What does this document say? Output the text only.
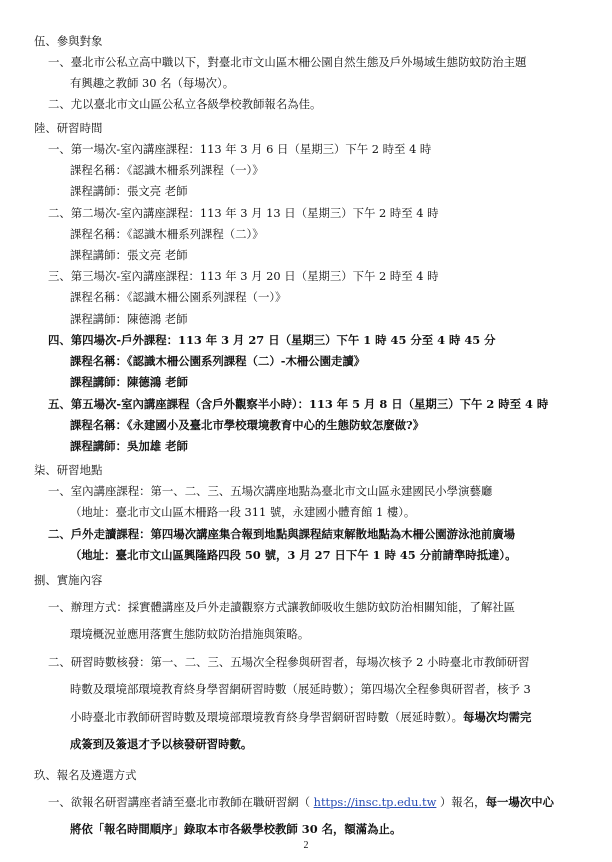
伍、參與對象
一、臺北市公私立高中職以下，對臺北市文山區木柵公園自然生態及戶外場域生態防蚊防治主題
有興趣之教師 30 名（每場次）。
二、尤以臺北市文山區公私立各級學校教師報名為佳。
陸、研習時間
一、第一場次-室內講座課程：113 年 3 月 6 日（星期三）下午 2 時至 4 時
課程名稱：《認識木柵系列課程（一）》
課程講師：張文亮 老師
二、第二場次-室內講座課程：113 年 3 月 13 日（星期三）下午 2 時至 4 時
課程名稱：《認識木柵系列課程（二）》
課程講師：張文亮 老師
三、第三場次-室內講座課程：113 年 3 月 20 日（星期三）下午 2 時至 4 時
課程名稱：《認識木柵公園系列課程（一）》
課程講師：陳德鴻 老師
四、第四場次-戶外課程：113 年 3 月 27 日（星期三）下午 1 時 45 分至 4 時 45 分
課程名稱：《認識木柵公園系列課程（二）-木柵公園走讀》
課程講師：陳德鴻 老師
五、第五場次-室內講座課程（含戶外觀察半小時）：113 年 5 月 8 日（星期三）下午 2 時至 4 時
課程名稱：《永建國小及臺北市學校環境教育中心的生態防蚊怎麼做?》
課程講師：吳加雄 老師
柒、研習地點
一、室內講座課程：第一、二、三、五場次講座地點為臺北市文山區永建國民小學演藝廳
（地址：臺北市文山區木柵路一段 311 號，永建國小體育館 1 樓）。
二、戶外走讀課程：第四場次講座集合報到地點與課程結束解散地點為木柵公園游泳池前廣場
（地址：臺北市文山區興隆路四段 50 號，3 月 27 日下午 1 時 45 分前請準時抵達）。
捌、實施內容
一、辦理方式：採實體講座及戶外走讀觀察方式讓教師吸收生態防蚊防治相關知能，了解社區
環境概況並應用落實生態防蚊防治措施與策略。
二、研習時數核發：第一、二、三、五場次全程參與研習者，每場次核予 2 小時臺北市教師研習
時數及環境部環境教育終身學習網研習時數（展延時數）；第四場次全程參與研習者，核予 3
小時臺北市教師研習時數及環境部環境教育終身學習網研習時數（展延時數）。每場次均需完
成簽到及簽退才予以核發研習時數。
玖、報名及遴選方式
一、欲報名研習講座者請至臺北市教師在職研習網（ https://insc.tp.edu.tw ）報名，每一場次中心
將依「報名時間順序」錄取本市各級學校教師 30 名，額滿為止。
2
